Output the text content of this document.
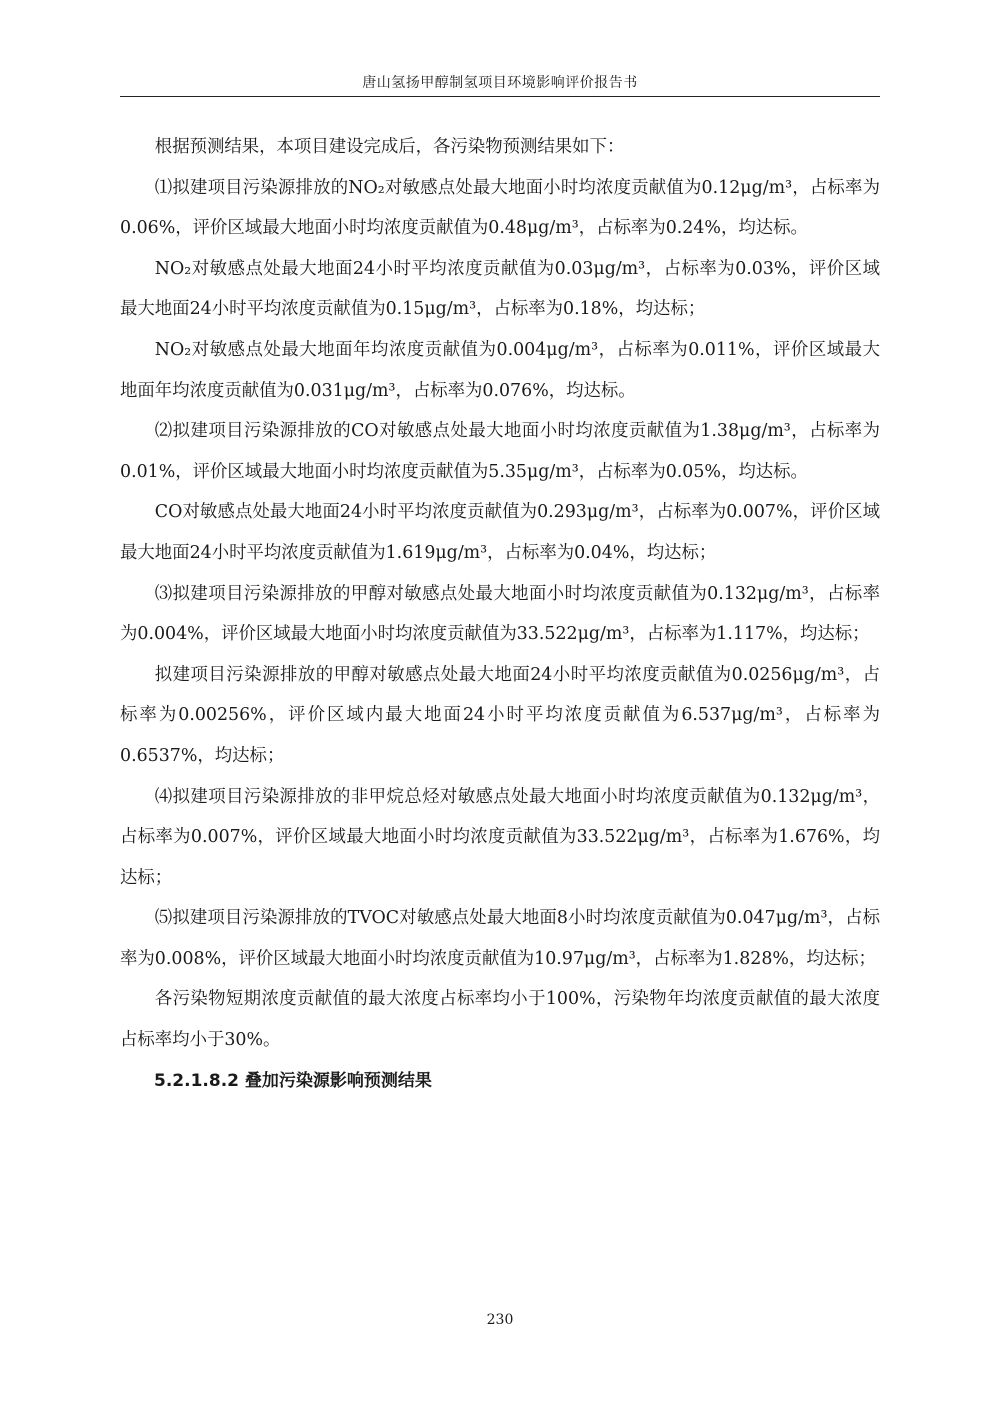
唐山氢扬甲醇制氢项目环境影响评价报告书

根据预测结果，本项目建设完成后，各污染物预测结果如下：

⑴拟建项目污染源排放的NO₂对敏感点处最大地面小时均浓度贡献值为0.12μg/m³，占标率为0.06%，评价区域最大地面小时均浓度贡献值为0.48μg/m³，占标率为0.24%，均达标。

NO₂对敏感点处最大地面24小时平均浓度贡献值为0.03μg/m³，占标率为0.03%，评价区域最大地面24小时平均浓度贡献值为0.15μg/m³，占标率为0.18%，均达标；

NO₂对敏感点处最大地面年均浓度贡献值为0.004μg/m³，占标率为0.011%，评价区域最大地面年均浓度贡献值为0.031μg/m³，占标率为0.076%，均达标。

⑵拟建项目污染源排放的CO对敏感点处最大地面小时均浓度贡献值为1.38μg/m³，占标率为0.01%，评价区域最大地面小时均浓度贡献值为5.35μg/m³，占标率为0.05%，均达标。

CO对敏感点处最大地面24小时平均浓度贡献值为0.293μg/m³，占标率为0.007%，评价区域最大地面24小时平均浓度贡献值为1.619μg/m³，占标率为0.04%，均达标；

⑶拟建项目污染源排放的甲醇对敏感点处最大地面小时均浓度贡献值为0.132μg/m³，占标率为0.004%，评价区域最大地面小时均浓度贡献值为33.522μg/m³，占标率为1.117%，均达标；

拟建项目污染源排放的甲醇对敏感点处最大地面24小时平均浓度贡献值为0.0256μg/m³，占标率为0.00256%，评价区域内最大地面24小时平均浓度贡献值为6.537μg/m³，占标率为0.6537%，均达标；

⑷拟建项目污染源排放的非甲烷总烃对敏感点处最大地面小时均浓度贡献值为0.132μg/m³，占标率为0.007%，评价区域最大地面小时均浓度贡献值为33.522μg/m³，占标率为1.676%，均达标；

⑸拟建项目污染源排放的TVOC对敏感点处最大地面8小时均浓度贡献值为0.047μg/m³，占标率为0.008%，评价区域最大地面小时均浓度贡献值为10.97μg/m³，占标率为1.828%，均达标；

各污染物短期浓度贡献值的最大浓度占标率均小于100%，污染物年均浓度贡献值的最大浓度占标率均小于30%。

5.2.1.8.2 叠加污染源影响预测结果

230
